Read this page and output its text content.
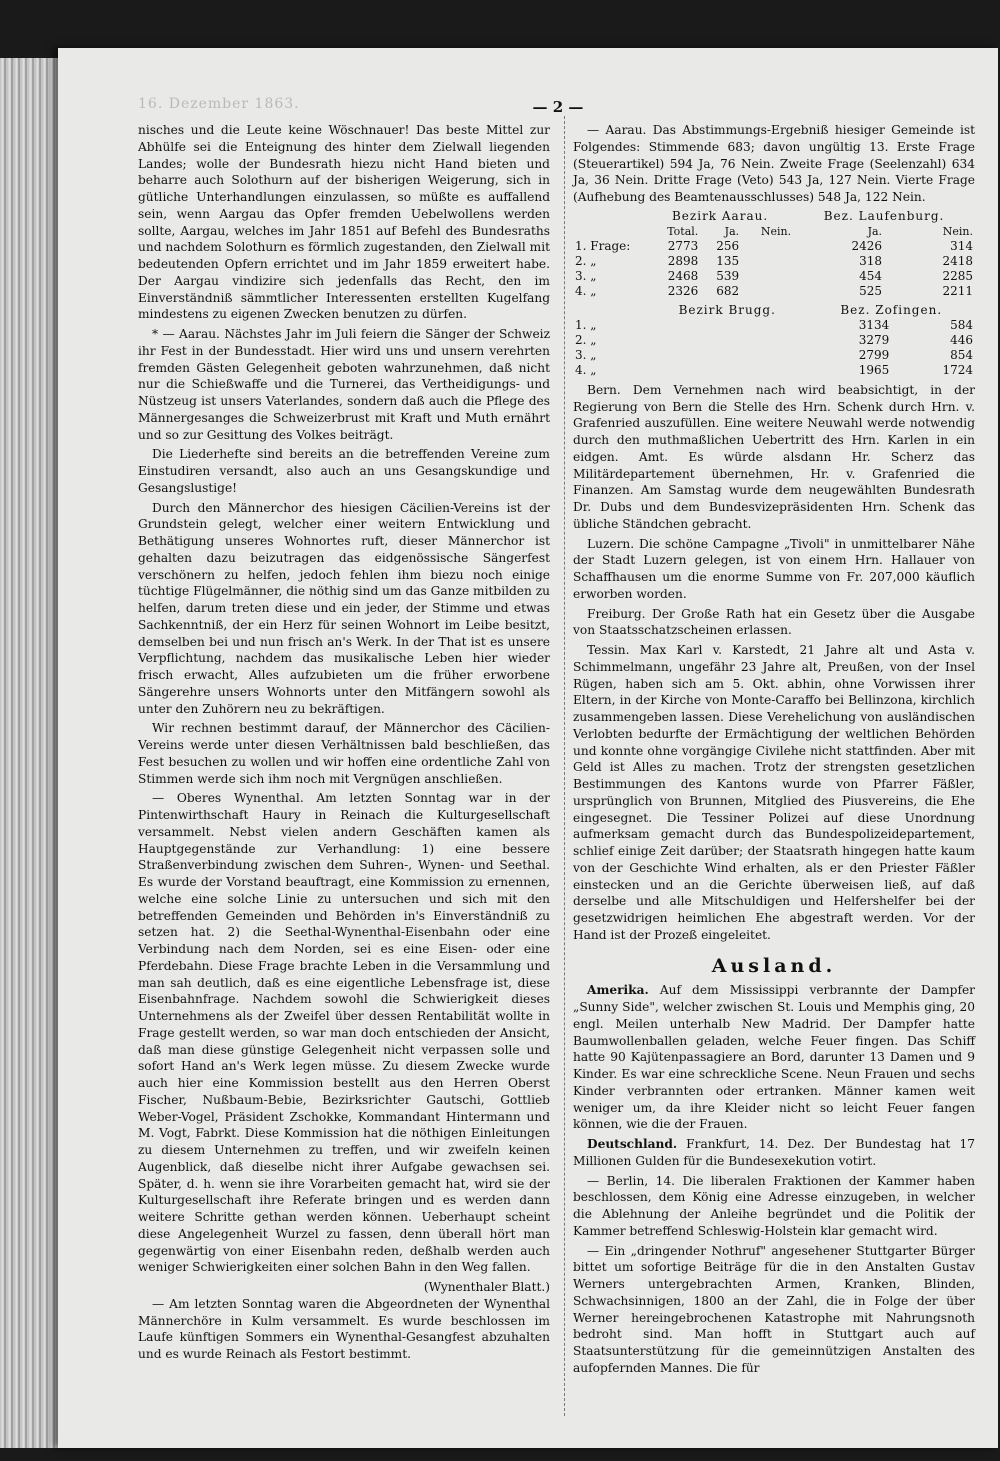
16. Dezember 1863.	— 2 —

nisches und die Leute keine Wöschnauer! Das beste Mittel zur Abhülfe sei die Enteignung des hinter dem Zielwall liegenden Landes; wolle der Bundesrath hiezu nicht Hand bieten und beharre auch Solothurn auf der bisherigen Weigerung, sich in gütliche Unterhandlungen einzulassen, so müßte es auffallend sein, wenn Aargau das Opfer fremden Uebelwollens werden sollte, Aargau, welches im Jahr 1851 auf Befehl des Bundesraths und nachdem Solothurn es förmlich zugestanden, den Zielwall mit bedeutenden Opfern errichtet und im Jahr 1859 erweitert habe. Der Aargau vindizire sich jedenfalls das Recht, den im Einverständniß sämmtlicher Interessenten erstellten Kugelfang mindestens zu eigenen Zwecken benutzen zu dürfen.

* — Aarau. Nächstes Jahr im Juli feiern die Sänger der Schweiz ihr Fest in der Bundesstadt. Hier wird uns und unsern verehrten fremden Gästen Gelegenheit geboten wahrzunehmen, daß nicht nur die Schießwaffe und die Turnerei, das Vertheidigungs- und Nüstzeug ist unsers Vaterlandes, sondern daß auch die Pflege des Männergesanges die Schweizerbrust mit Kraft und Muth ernährt und so zur Gesittung des Volkes beiträgt.

Die Liederhefte sind bereits an die betreffenden Vereine zum Einstudiren versandt, also auch an uns Gesangskundige und Gesangslustige!

Durch den Männerchor des hiesigen Cäcilien-Vereins ist der Grundstein gelegt, welcher einer weitern Entwicklung und Bethätigung unseres Wohnortes ruft, dieser Männerchor ist gehalten dazu beizutragen das eidgenössische Sängerfest verschönern zu helfen, jedoch fehlen ihm biezu noch einige tüchtige Flügelmänner, die nöthig sind um das Ganze mitbilden zu helfen, darum treten diese und ein jeder, der Stimme und etwas Sachkenntniß, der ein Herz für seinen Wohnort im Leibe besitzt, demselben bei und nun frisch an's Werk. In der That ist es unsere Verpflichtung, nachdem das musikalische Leben hier wieder frisch erwacht, Alles aufzubieten um die früher erworbene Sängerehre unsers Wohnorts unter den Mitfängern sowohl als unter den Zuhörern neu zu bekräftigen.

Wir rechnen bestimmt darauf, der Männerchor des Cäcilien-Vereins werde unter diesen Verhältnissen bald beschließen, das Fest besuchen zu wollen und wir hoffen eine ordentliche Zahl von Stimmen werde sich ihm noch mit Vergnügen anschließen.

— Oberes Wynenthal. Am letzten Sonntag war in der Pintenwirthschaft Haury in Reinach die Kulturgesellschaft versammelt. Nebst vielen andern Geschäften kamen als Hauptgegenstände zur Verhandlung: 1) eine bessere Straßenverbindung zwischen dem Suhren-, Wynen- und Seethal. Es wurde der Vorstand beauftragt, eine Kommission zu ernennen, welche eine solche Linie zu untersuchen und sich mit den betreffenden Gemeinden und Behörden in's Einverständniß zu setzen hat. 2) die Seethal-Wynenthal-Eisenbahn oder eine Verbindung nach dem Norden, sei es eine Eisen- oder eine Pferdebahn. Diese Frage brachte Leben in die Versammlung und man sah deutlich, daß es eine eigentliche Lebensfrage ist, diese Eisenbahnfrage. Nachdem sowohl die Schwierigkeit dieses Unternehmens als der Zweifel über dessen Rentabilität wollte in Frage gestellt werden, so war man doch entschieden der Ansicht, daß man diese günstige Gelegenheit nicht verpassen solle und sofort Hand an's Werk legen müsse. Zu diesem Zwecke wurde auch hier eine Kommission bestellt aus den Herren Oberst Fischer, Nußbaum-Bebie, Bezirksrichter Gautschi, Gottlieb Weber-Vogel, Präsident Zschokke, Kommandant Hintermann und M. Vogt, Fabrkt. Diese Kommission hat die nöthigen Einleitungen zu diesem Unternehmen zu treffen, und wir zweifeln keinen Augenblick, daß dieselbe nicht ihrer Aufgabe gewachsen sei. Später, d. h. wenn sie ihre Vorarbeiten gemacht hat, wird sie der Kulturgesellschaft ihre Referate bringen und es werden dann weitere Schritte gethan werden können. Ueberhaupt scheint diese Angelegenheit Wurzel zu fassen, denn überall hört man gegenwärtig von einer Eisenbahn reden, deßhalb werden auch weniger Schwierigkeiten einer solchen Bahn in den Weg fallen.

(Wynenthaler Blatt.)

— Am letzten Sonntag waren die Abgeordneten der Wynenthal Männerchöre in Kulm versammelt. Es wurde beschlossen im Laufe künftigen Sommers ein Wynenthal-Gesangfest abzuhalten und es wurde Reinach als Festort bestimmt.

— Aarau. Das Abstimmungs-Ergebniß hiesiger Gemeinde ist Folgendes: Stimmende 683; davon ungültig 13. Erste Frage (Steuerartikel) 594 Ja, 76 Nein. Zweite Frage (Seelenzahl) 634 Ja, 36 Nein. Dritte Frage (Veto) 543 Ja, 127 Nein. Vierte Frage (Aufhebung des Beamtenausschlusses) 548 Ja, 122 Nein.

	Bezirk Aarau.			Bez. Laufenburg.	
	Total.	Ja.	Nein.	Ja.	Nein.
1. Frage:	2773	256		2426	314
2. „	2898	135		318	2418
3. „	2468	539		454	2285
4. „	2326	682		525	2211
	Bezirk Brugg.			Bez. Zofingen.	
1. „				3134	584
2. „				3279	446
3. „				2799	854
4. „				1965	1724

Bern. Dem Vernehmen nach wird beabsichtigt, in der Regierung von Bern die Stelle des Hrn. Schenk durch Hrn. v. Grafenried auszufüllen. Eine weitere Neuwahl werde notwendig durch den muthmaßlichen Uebertritt des Hrn. Karlen in ein eidgen. Amt. Es würde alsdann Hr. Scherz das Militärdepartement übernehmen, Hr. v. Grafenried die Finanzen. Am Samstag wurde dem neugewählten Bundesrath Dr. Dubs und dem Bundesvizepräsidenten Hrn. Schenk das übliche Ständchen gebracht.

Luzern. Die schöne Campagne „Tivoli" in unmittelbarer Nähe der Stadt Luzern gelegen, ist von einem Hrn. Hallauer von Schaffhausen um die enorme Summe von Fr. 207,000 käuflich erworben worden.

Freiburg. Der Große Rath hat ein Gesetz über die Ausgabe von Staatsschatzscheinen erlassen.

Tessin. Max Karl v. Karstedt, 21 Jahre alt und Asta v. Schimmelmann, ungefähr 23 Jahre alt, Preußen, von der Insel Rügen, haben sich am 5. Okt. abhin, ohne Vorwissen ihrer Eltern, in der Kirche von Monte-Caraffo bei Bellinzona, kirchlich zusammengeben lassen. Diese Verehelichung von ausländischen Verlobten bedurfte der Ermächtigung der weltlichen Behörden und konnte ohne vorgängige Civilehe nicht stattfinden. Aber mit Geld ist Alles zu machen. Trotz der strengsten gesetzlichen Bestimmungen des Kantons wurde von Pfarrer Fäßler, ursprünglich von Brunnen, Mitglied des Piusvereins, die Ehe eingesegnet. Die Tessiner Polizei auf diese Unordnung aufmerksam gemacht durch das Bundespolizeidepartement, schlief einige Zeit darüber; der Staatsrath hingegen hatte kaum von der Geschichte Wind erhalten, als er den Priester Fäßler einstecken und an die Gerichte überweisen ließ, auf daß derselbe und alle Mitschuldigen und Helfershelfer bei der gesetzwidrigen heimlichen Ehe abgestraft werden. Vor der Hand ist der Prozeß eingeleitet.

Ausland.

Amerika. Auf dem Mississippi verbrannte der Dampfer „Sunny Side", welcher zwischen St. Louis und Memphis ging, 20 engl. Meilen unterhalb New Madrid. Der Dampfer hatte Baumwollenballen geladen, welche Feuer fingen. Das Schiff hatte 90 Kajütenpassagiere an Bord, darunter 13 Damen und 9 Kinder. Es war eine schreckliche Scene. Neun Frauen und sechs Kinder verbrannten oder ertranken. Männer kamen weit weniger um, da ihre Kleider nicht so leicht Feuer fangen können, wie die der Frauen.

Deutschland. Frankfurt, 14. Dez. Der Bundestag hat 17 Millionen Gulden für die Bundesexekution votirt.

— Berlin, 14. Die liberalen Fraktionen der Kammer haben beschlossen, dem König eine Adresse einzugeben, in welcher die Ablehnung der Anleihe begründet und die Politik der Kammer betreffend Schleswig-Holstein klar gemacht wird.

— Ein „dringender Nothruf" angesehener Stuttgarter Bürger bittet um sofortige Beiträge für die in den Anstalten Gustav Werners untergebrachten Armen, Kranken, Blinden, Schwachsinnigen, 1800 an der Zahl, die in Folge der über Werner hereingebrochenen Katastrophe mit Nahrungsnoth bedroht sind. Man hofft in Stuttgart auch auf Staatsunterstützung für die gemeinnützigen Anstalten des aufopfernden Mannes. Die für
